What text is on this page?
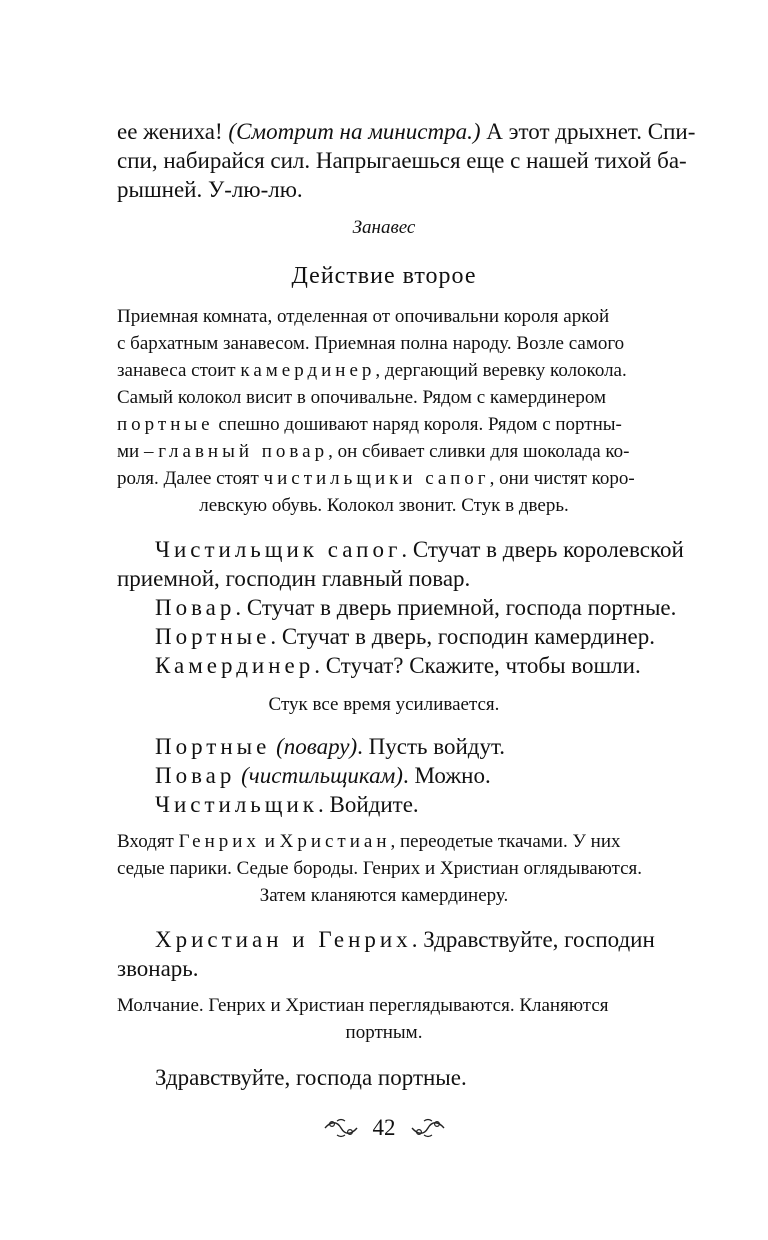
ее жениха! (Смотрит на министра.) А этот дрыхнет. Спи-
спи, набирайся сил. Напрыгаешься еще с нашей тихой ба-
рышней. У-лю-лю.
Занавес
Действие второе
Приемная комната, отделенная от опочивальни короля аркой
с бархатным занавесом. Приемная полна народу. Возле самого
занавеса стоит камердинер, дергающий веревку колокола.
Самый колокол висит в опочивальне. Рядом с камердинером
портные спешно дошивают наряд короля. Рядом с портны-
ми – главный повар, он сбивает сливки для шоколада ко-
роля. Далее стоят чистильщики сапог, они чистят коро-
левскую обувь. Колокол звонит. Стук в дверь.
Чистильщик сапог. Стучат в дверь королевской
приемной, господин главный повар.
Повар. Стучат в дверь приемной, господа портные.
Портные. Стучат в дверь, господин камердинер.
Камердинер. Стучат? Скажите, чтобы вошли.
Стук все время усиливается.
Портные (повару). Пусть войдут.
Повар (чистильщикам). Можно.
Чистильщик. Войдите.
Входят Генрих и Христиан, переодетые ткачами. У них
седые парики. Седые бороды. Генрих и Христиан оглядываются.
Затем кланяются камердинеру.
Христиан и Генрих. Здравствуйте, господин
звонарь.
Молчание. Генрих и Христиан переглядываются. Кланяются
портным.
Здравствуйте, господа портные.
42
